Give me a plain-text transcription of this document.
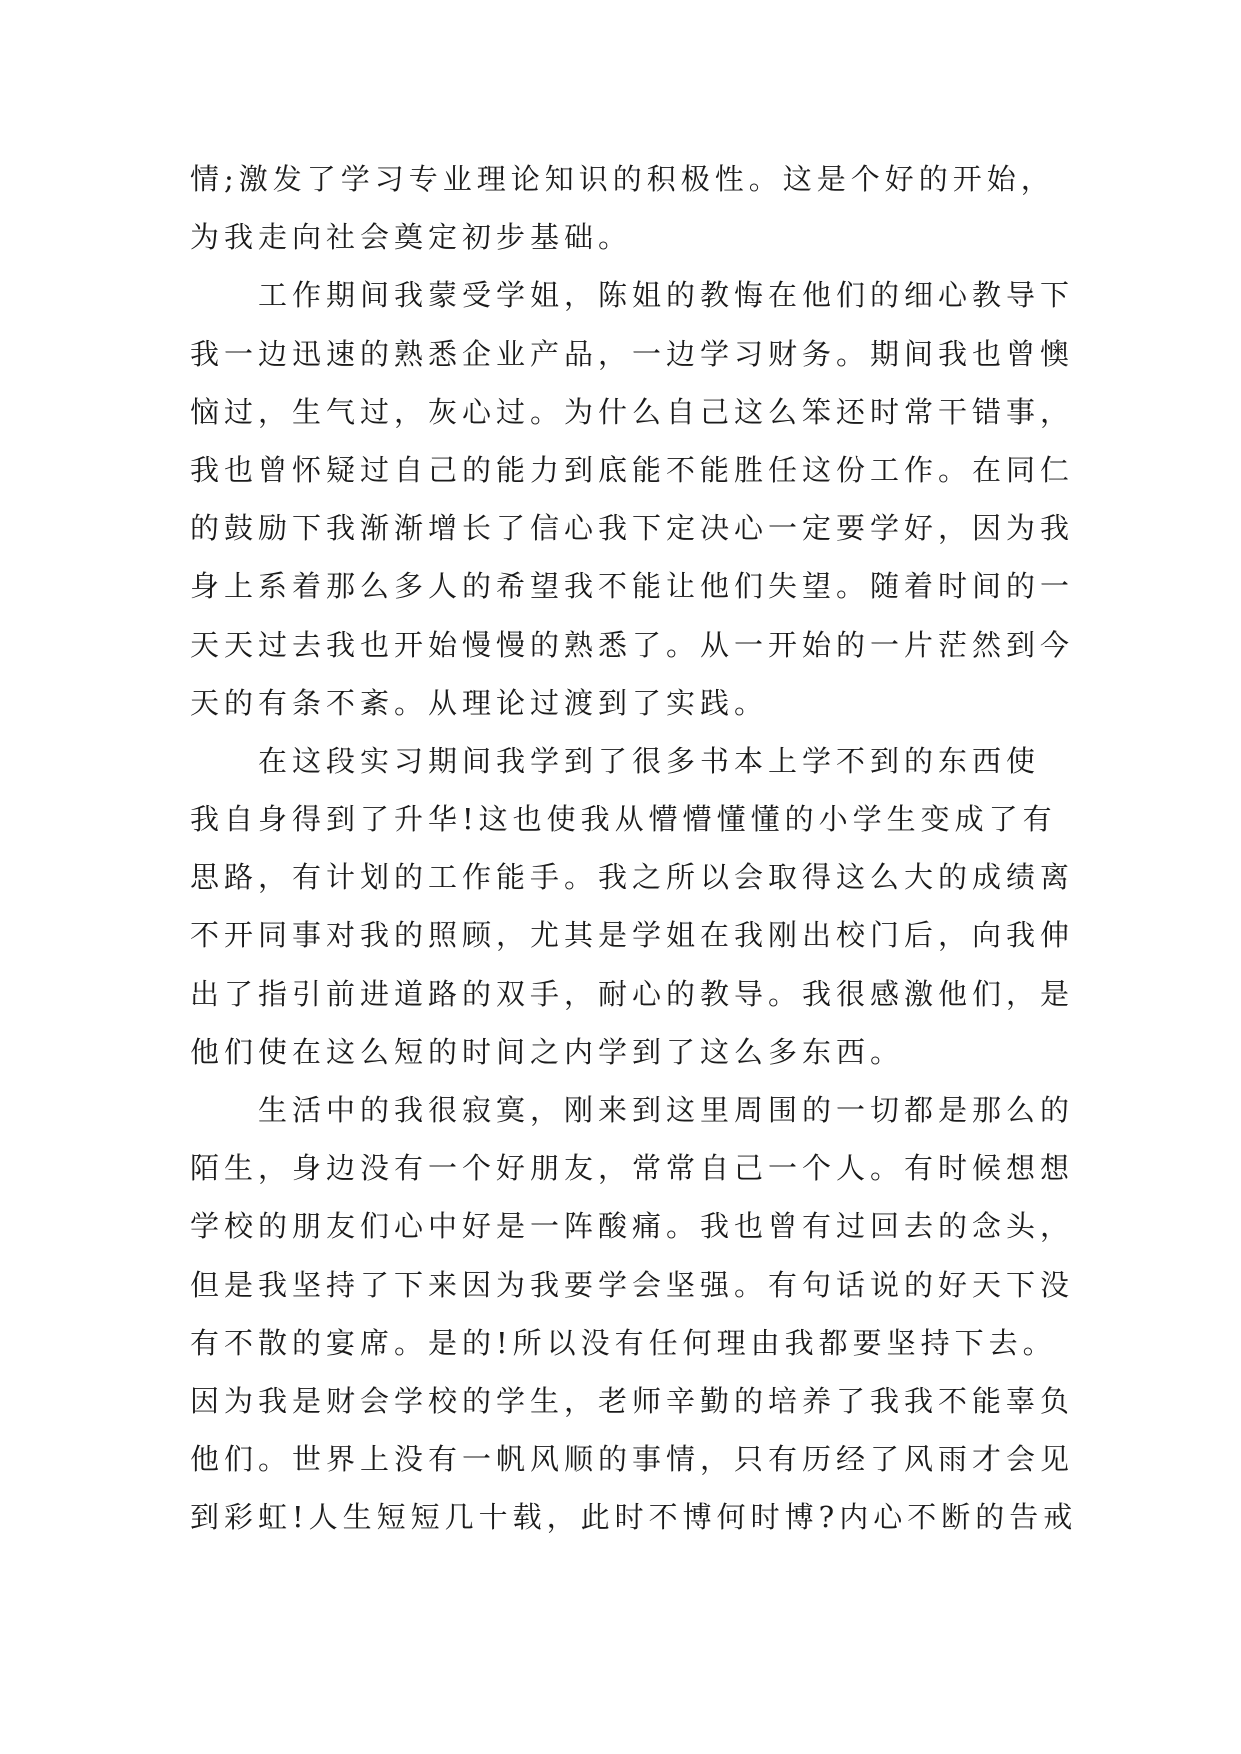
情;激发了学习专业理论知识的积极性。这是个好的开始，
为我走向社会奠定初步基础。
　　工作期间我蒙受学姐，陈姐的教悔在他们的细心教导下
我一边迅速的熟悉企业产品，一边学习财务。期间我也曾懊
恼过，生气过，灰心过。为什么自己这么笨还时常干错事，
我也曾怀疑过自己的能力到底能不能胜任这份工作。在同仁
的鼓励下我渐渐增长了信心我下定决心一定要学好，因为我
身上系着那么多人的希望我不能让他们失望。随着时间的一
天天过去我也开始慢慢的熟悉了。从一开始的一片茫然到今
天的有条不紊。从理论过渡到了实践。
　　在这段实习期间我学到了很多书本上学不到的东西使
我自身得到了升华!这也使我从懵懵懂懂的小学生变成了有
思路，有计划的工作能手。我之所以会取得这么大的成绩离
不开同事对我的照顾，尤其是学姐在我刚出校门后，向我伸
出了指引前进道路的双手，耐心的教导。我很感激他们，是
他们使在这么短的时间之内学到了这么多东西。
　　生活中的我很寂寞，刚来到这里周围的一切都是那么的
陌生，身边没有一个好朋友，常常自己一个人。有时候想想
学校的朋友们心中好是一阵酸痛。我也曾有过回去的念头，
但是我坚持了下来因为我要学会坚强。有句话说的好天下没
有不散的宴席。是的!所以没有任何理由我都要坚持下去。
因为我是财会学校的学生，老师辛勤的培养了我我不能辜负
他们。世界上没有一帆风顺的事情，只有历经了风雨才会见
到彩虹!人生短短几十载，此时不博何时博?内心不断的告戒
